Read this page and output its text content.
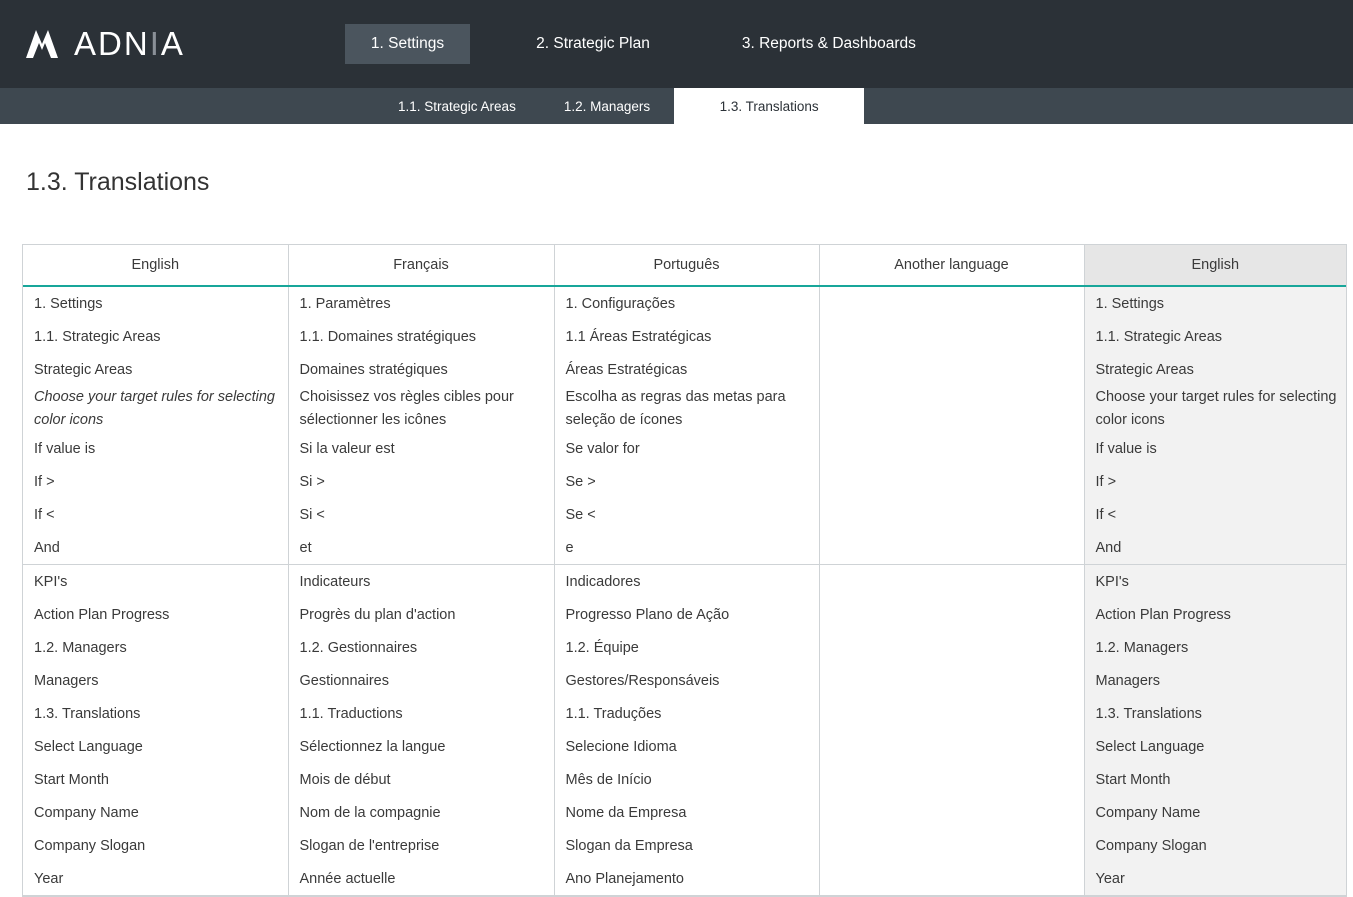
ADNIA	1. Settings	2. Strategic Plan	3. Reports & Dashboards
1.1. Strategic Areas	1.2. Managers	1.3. Translations
1.3. Translations
English	Français	Português	Another language	English
1. Settings	1. Paramètres	1. Configurações		1. Settings
1.1. Strategic Areas	1.1. Domaines stratégiques	1.1 Áreas Estratégicas		1.1. Strategic Areas
Strategic Areas	Domaines stratégiques	Áreas Estratégicas		Strategic Areas
Choose your target rules for selecting color icons	Choisissez vos règles cibles pour sélectionner les icônes	Escolha as regras das metas para seleção de ícones		Choose your target rules for selecting color icons
If value is	Si la valeur est	Se valor for		If value is
If >	Si >	Se >		If >
If <	Si <	Se <		If <
And	et	e		And
KPI's	Indicateurs	Indicadores		KPI's
Action Plan Progress	Progrès du plan d'action	Progresso Plano de Ação		Action Plan Progress
1.2. Managers	1.2. Gestionnaires	1.2. Équipe		1.2. Managers
Managers	Gestionnaires	Gestores/Responsáveis		Managers
1.3. Translations	1.1. Traductions	1.1. Traduções		1.3. Translations
Select Language	Sélectionnez la langue	Selecione Idioma		Select Language
Start Month	Mois de début	Mês de Início		Start Month
Company Name	Nom de la compagnie	Nome da Empresa		Company Name
Company Slogan	Slogan de l'entreprise	Slogan da Empresa		Company Slogan
Year	Année actuelle	Ano Planejamento		Year
